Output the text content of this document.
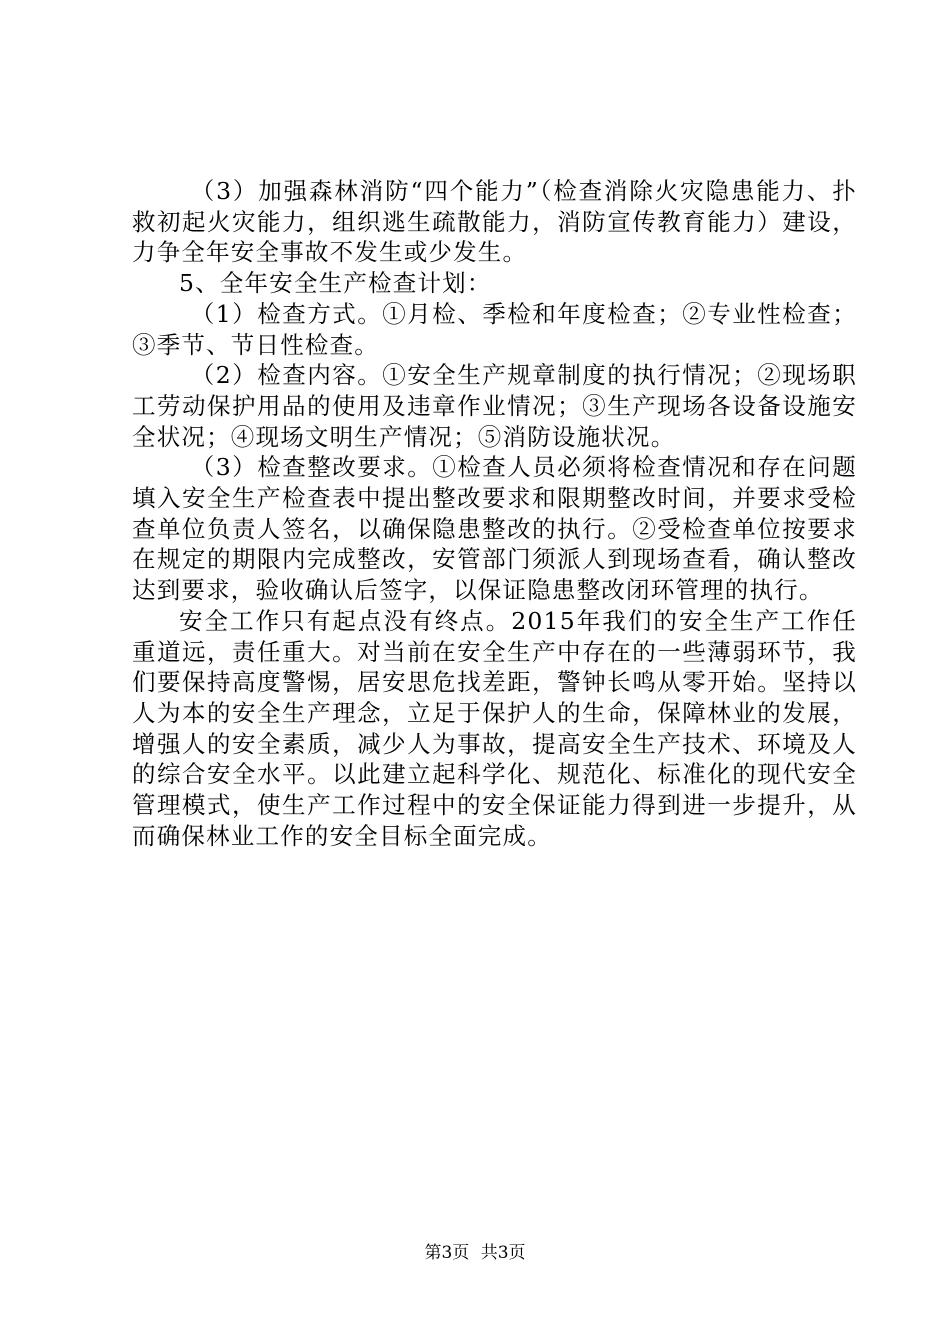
（3）加强森林消防“四个能力”（检查消除火灾隐患能力、扑救初起火灾能力，组织逃生疏散能力，消防宣传教育能力）建设，力争全年安全事故不发生或少发生。

5、全年安全生产检查计划：

（1）检查方式。①月检、季检和年度检查；②专业性检查；③季节、节日性检查。

（2）检查内容。①安全生产规章制度的执行情况；②现场职工劳动保护用品的使用及违章作业情况；③生产现场各设备设施安全状况；④现场文明生产情况；⑤消防设施状况。

（3）检查整改要求。①检查人员必须将检查情况和存在问题填入安全生产检查表中提出整改要求和限期整改时间，并要求受检查单位负责人签名，以确保隐患整改的执行。②受检查单位按要求在规定的期限内完成整改，安管部门须派人到现场查看，确认整改达到要求，验收确认后签字，以保证隐患整改闭环管理的执行。

安全工作只有起点没有终点。2015年我们的安全生产工作任重道远，责任重大。对当前在安全生产中存在的一些薄弱环节，我们要保持高度警惕，居安思危找差距，警钟长鸣从零开始。坚持以人为本的安全生产理念，立足于保护人的生命，保障林业的发展，增强人的安全素质，减少人为事故，提高安全生产技术、环境及人的综合安全水平。以此建立起科学化、规范化、标准化的现代安全管理模式，使生产工作过程中的安全保证能力得到进一步提升，从而确保林业工作的安全目标全面完成。

第3页 共3页
